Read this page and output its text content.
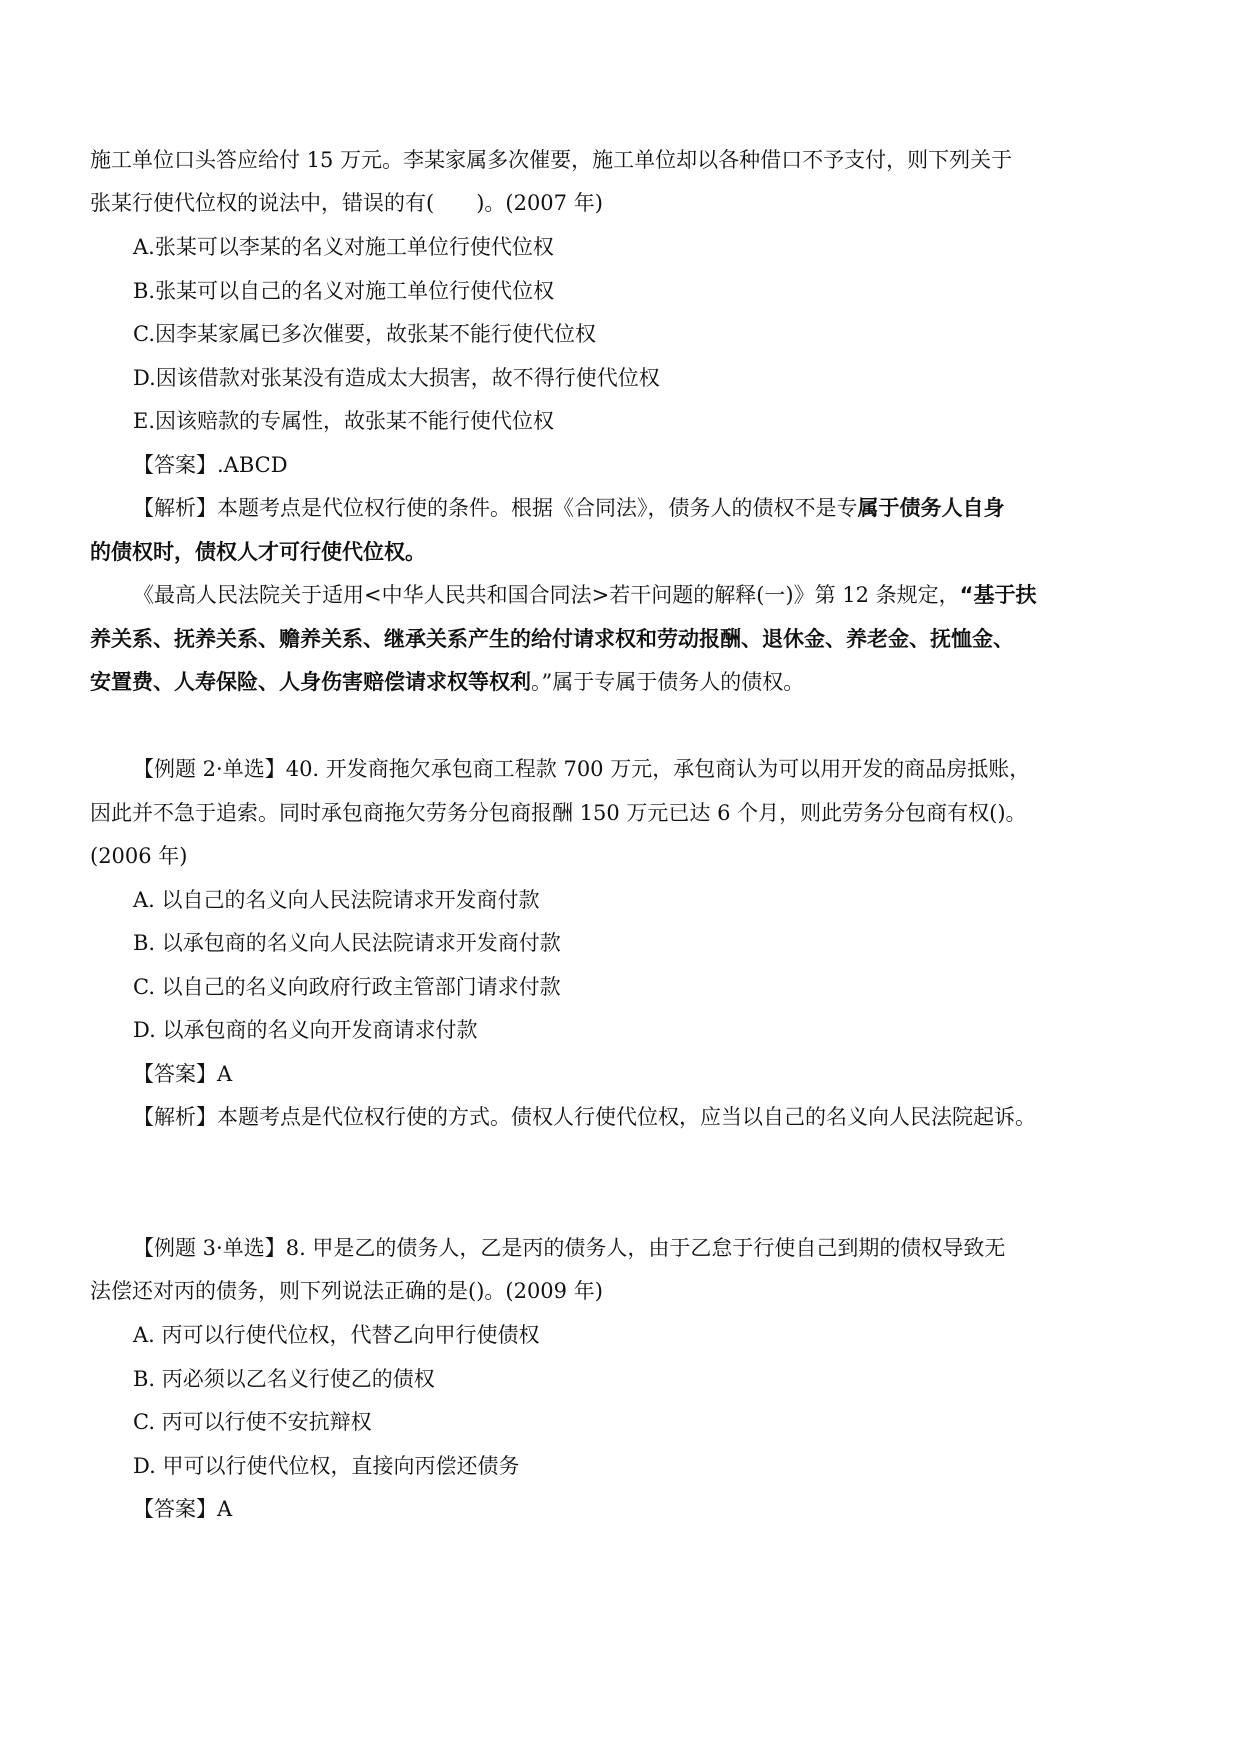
施工单位口头答应给付 15 万元。李某家属多次催要，施工单位却以各种借口不予支付，则下列关于
张某行使代位权的说法中，错误的有(　　)。(2007 年)
A.张某可以李某的名义对施工单位行使代位权
B.张某可以自己的名义对施工单位行使代位权
C.因李某家属已多次催要，故张某不能行使代位权
D.因该借款对张某没有造成太大损害，故不得行使代位权
E.因该赔款的专属性，故张某不能行使代位权
【答案】.ABCD
【解析】本题考点是代位权行使的条件。根据《合同法》，债务人的债权不是专属于债务人自身
的债权时，债权人才可行使代位权。
《最高人民法院关于适用<中华人民共和国合同法>若干问题的解释(一)》第 12 条规定，“基于扶
养关系、抚养关系、赡养关系、继承关系产生的给付请求权和劳动报酬、退休金、养老金、抚恤金、
安置费、人寿保险、人身伤害赔偿请求权等权利。”属于专属于债务人的债权。
【例题 2·单选】40. 开发商拖欠承包商工程款 700 万元，承包商认为可以用开发的商品房抵账，
因此并不急于追索。同时承包商拖欠劳务分包商报酬 150 万元已达 6 个月，则此劳务分包商有权()。
(2006 年)
A. 以自己的名义向人民法院请求开发商付款
B. 以承包商的名义向人民法院请求开发商付款
C. 以自己的名义向政府行政主管部门请求付款
D. 以承包商的名义向开发商请求付款
【答案】A
【解析】本题考点是代位权行使的方式。债权人行使代位权，应当以自己的名义向人民法院起诉。
【例题 3·单选】8. 甲是乙的债务人，乙是丙的债务人，由于乙怠于行使自己到期的债权导致无
法偿还对丙的债务，则下列说法正确的是()。(2009 年)
A. 丙可以行使代位权，代替乙向甲行使债权
B. 丙必须以乙名义行使乙的债权
C. 丙可以行使不安抗辩权
D. 甲可以行使代位权，直接向丙偿还债务
【答案】A
